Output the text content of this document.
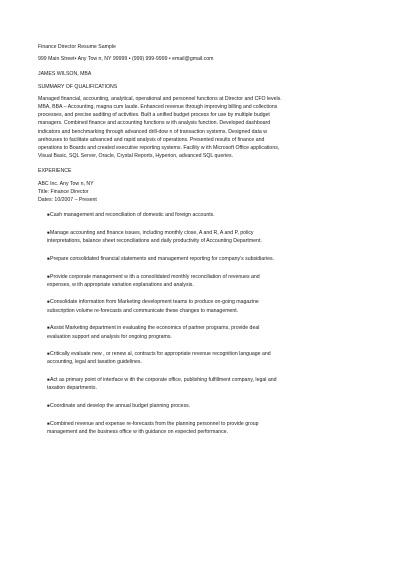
Finance Director Resume Sample
999 Main Street• Any Tow n, NY 99999 • (999) 999-9999 • email@gmail.com
JAMES WILSON, MBA
SUMMARY OF QUALIFICATIONS
Managed financial, accounting, analytical, operational and personnel functions at Director and CFO levels. MBA, BBA – Accounting, magna cum laude. Enhanced revenue through improving billing and collections processes, and precise auditing of activities. Built a unified budget process for use by multiple budget managers. Combined finance and accounting functions w ith analysis function. Developed dashboard indicators and benchmarking through advanced drill-dow n of transaction systems. Designed data w arehouses to facilitate advanced and rapid analysis of operations. Presented results of finance and operations to Boards and created executive reporting systems. Facility w ith Microsoft Office applications, Visual Basic, SQL Server, Oracle, Crystal Reports, Hyperion, advanced SQL queries.
EXPERIENCE
ABC Inc. Any Tow n, NY
Title: Finance Director
Dates: 10/2007 – Present
■Cash management and reconciliation of domestic and foreign accounts.
■Manage accounting and finance issues, including monthly close, A and R, A and P, policy interpretations, balance sheet reconciliations and daily productivity of Accounting Department.
■Prepare consolidated financial statements and management reporting for company’s subsidiaries.
■Provide corporate management w ith a consolidated monthly reconciliation of revenues and expenses, w ith appropriate variation explanations and analysis.
■Consolidate information from Marketing development teams to produce on-going magazine subscription volume re-forecasts and communicate these changes to management.
■Assist Marketing department in evaluating the economics of partner programs, provide deal evaluation support and analysis for ongoing programs.
■Critically evaluate new , or renew al, contracts for appropriate revenue recognition language and accounting, legal and taxation guidelines.
■Act as primary point of interface w ith the corporate office, publishing fulfillment company, legal and taxation departments.
■Coordinate and develop the annual budget planning process.
■Combined revenue and expense re-forecasts from the planning personnel to provide group management and the business office w ith guidance on expected performance.
